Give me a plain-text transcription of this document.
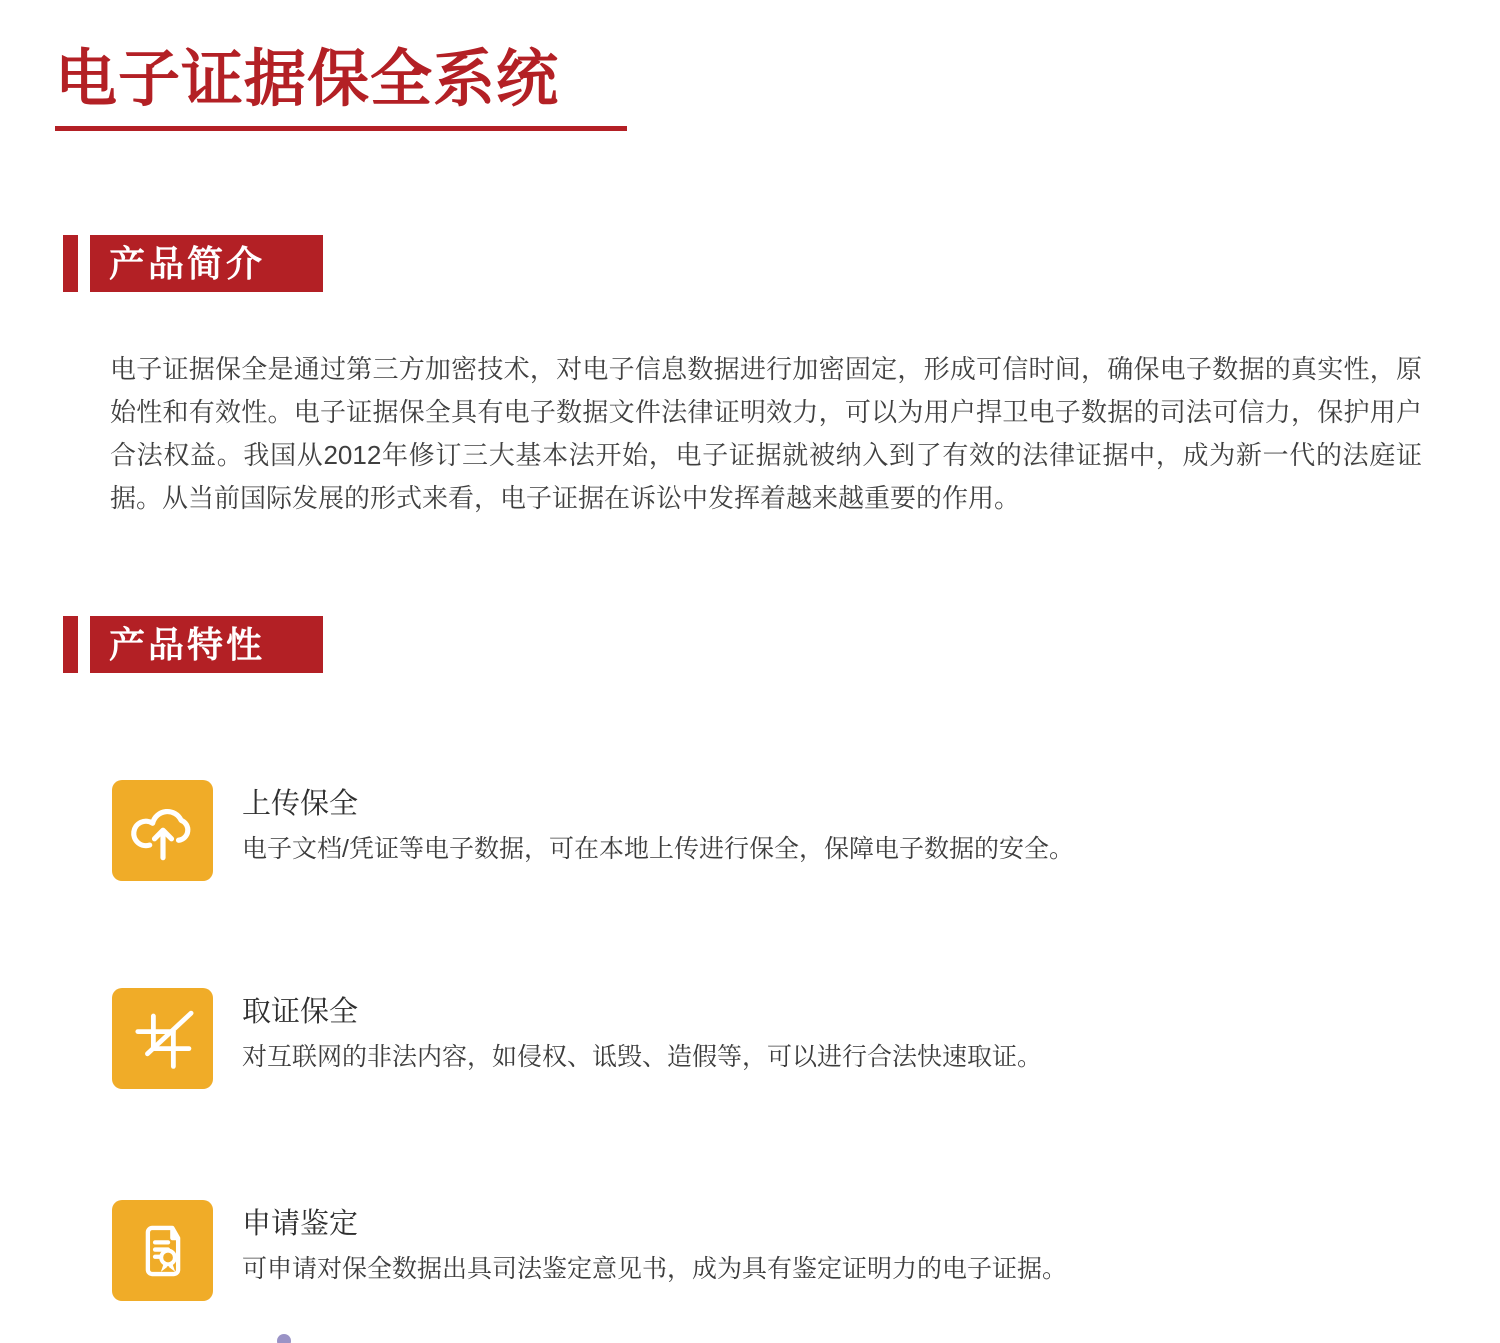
电子证据保全系统
产品简介

电子证据保全是通过第三方加密技术，对电子信息数据进行加密固定，形成可信时间，确保电子数据的真实性，原始性和有效性。电子证据保全具有电子数据文件法律证明效力，可以为用户捍卫电子数据的司法可信力，保护用户合法权益。我国从2012年修订三大基本法开始，电子证据就被纳入到了有效的法律证据中，成为新一代的法庭证据。从当前国际发展的形式来看，电子证据在诉讼中发挥着越来越重要的作用。

产品特性
上传保全
电子文档/凭证等电子数据，可在本地上传进行保全，保障电子数据的安全。
取证保全
对互联网的非法内容，如侵权、诋毁、造假等，可以进行合法快速取证。
申请鉴定
可申请对保全数据出具司法鉴定意见书，成为具有鉴定证明力的电子证据。
